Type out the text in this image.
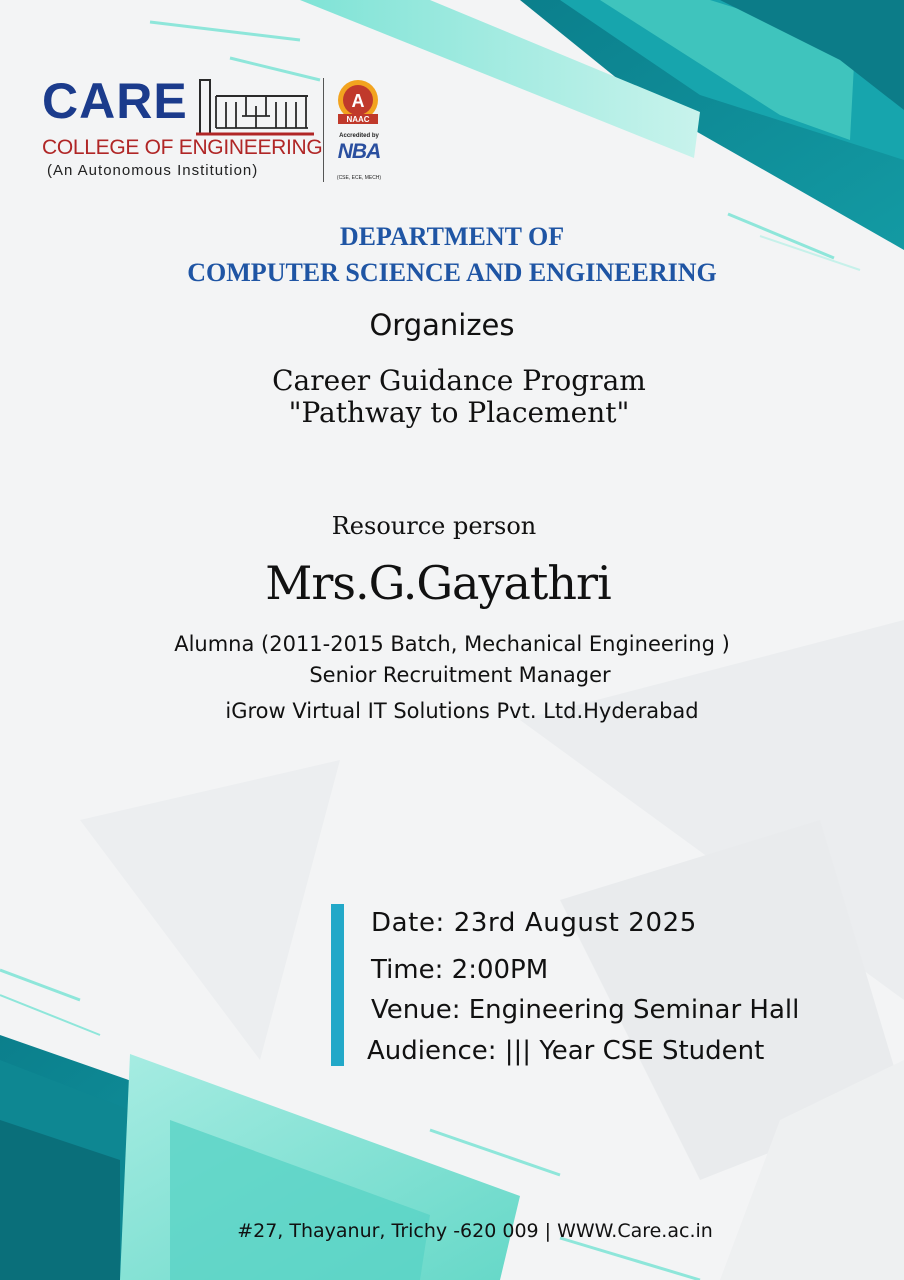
CARE
COLLEGE OF ENGINEERING
(An Autonomous Institution)
A
NAAC
Accredited by
NBA
(CSE, ECE, MECH)
DEPARTMENT OF
COMPUTER SCIENCE AND ENGINEERING
Organizes
Career Guidance Program
"Pathway to Placement"
Resource person
Mrs.G.Gayathri
Alumna (2011-2015 Batch, Mechanical Engineering )
Senior Recruitment Manager
iGrow Virtual IT Solutions Pvt. Ltd.Hyderabad
Date: 23rd August 2025
Time: 2:00PM
Venue: Engineering Seminar Hall
Audience: ||| Year CSE Student
#27, Thayanur, Trichy -620 009 | WWW.Care.ac.in
